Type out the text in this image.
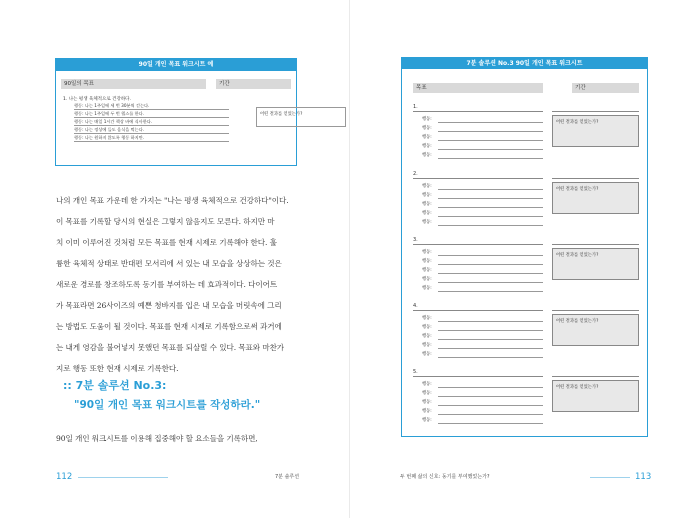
90일 개인 목표 워크시트 예
90일의 목표	기간
1. 나는 평생 육체적으로 건강하다.
행동: 나는 1주일에 세 번 30분씩 걷는다.
행동: 나는 1주일에 두 번 헬스를 한다.
행동: 나는 매일 1시간 책상 바에 식사한다.
행동: 나는 정상에 들도 음식을 먹는다.
행동: 나는 원하지 않도록 행동 하지만.
어떤 결과를 얻었는가?
나의 개인 목표 가운데 한 가지는 "나는 평생 육체적으로 건강하다"이다.
이 목표를 기록할 당시의 현실은 그렇지 않음지도 모른다. 하지만 마
치 이미 이루어진 것처럼 모든 목표를 현재 시제로 기록해야 한다. 훌
륭한 육체적 상태로 반대편 모서리에 서 있는 내 모습을 상상하는 것은
새로운 경로를 창조하도록 동기를 부여하는 데 효과적이다. 다이어트
가 목표라면 26사이즈의 예쁜 청바지를 입은 내 모습을 머릿속에 그리
는 방법도 도움이 될 것이다. 목표를 현재 시제로 기록함으로써 과거에
는 내게 영감을 불어넣지 못했던 목표를 되살릴 수 있다. 목표와 마찬가
지로 행동 또한 현재 시제로 기록한다.
:: 7분 솔루션 No.3:
"90일 개인 목표 워크시트를 작성하라."
90일 개인 워크시트를 이용해 집중해야 할 요소들을 기록하면,
112	7분 솔루션
7분 솔루션 No.3 90일 개인 목표 워크시트
목표	기간
1.
행동:
행동:
행동:
행동:
행동:
어떤 결과를 얻었는가?
2.
행동:
행동:
행동:
행동:
행동:
어떤 결과를 얻었는가?
3.
행동:
행동:
행동:
행동:
행동:
어떤 결과를 얻었는가?
4.
행동:
행동:
행동:
행동:
행동:
어떤 결과를 얻었는가?
5.
행동:
행동:
행동:
행동:
행동:
어떤 결과를 얻었는가?
두 번째 삶의 신호: 동기를 부여했었는가?	113
